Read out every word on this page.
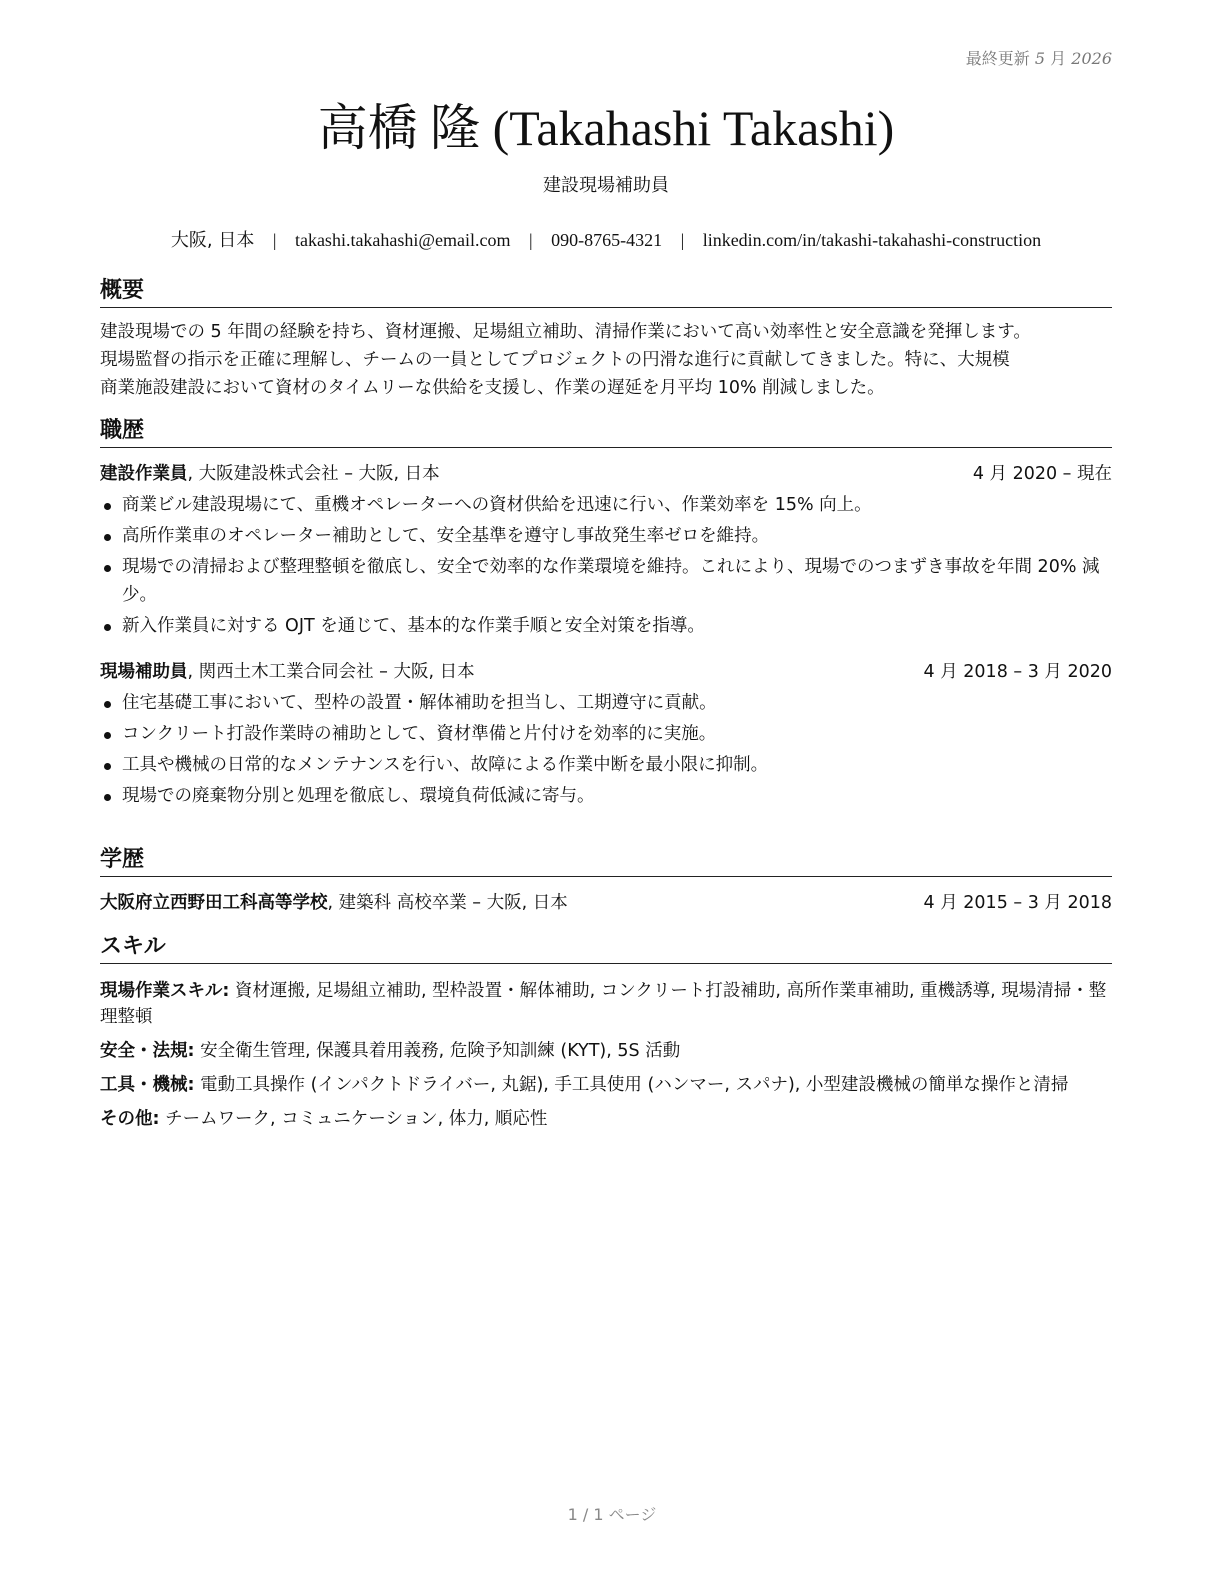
最終更新 5 月 2026
高橋 隆 (Takahashi Takashi)
建設現場補助員
大阪, 日本 | takashi.takahashi@email.com | 090-8765-4321 | linkedin.com/in/takashi-takahashi-construction
概要
建設現場での 5 年間の経験を持ち、資材運搬、足場組立補助、清掃作業において高い効率性と安全意識を発揮します。
現場監督の指示を正確に理解し、チームの一員としてプロジェクトの円滑な進行に貢献してきました。特に、大規模
商業施設建設において資材のタイムリーな供給を支援し、作業の遅延を月平均 10% 削減しました。
職歴
建設作業員, 大阪建設株式会社 – 大阪, 日本	4 月 2020 – 現在
商業ビル建設現場にて、重機オペレーターへの資材供給を迅速に行い、作業効率を 15% 向上。
高所作業車のオペレーター補助として、安全基準を遵守し事故発生率ゼロを維持。
現場での清掃および整理整頓を徹底し、安全で効率的な作業環境を維持。これにより、現場でのつまずき事故を年間 20% 減少。
新入作業員に対する OJT を通じて、基本的な作業手順と安全対策を指導。
現場補助員, 関西土木工業合同会社 – 大阪, 日本	4 月 2018 – 3 月 2020
住宅基礎工事において、型枠の設置・解体補助を担当し、工期遵守に貢献。
コンクリート打設作業時の補助として、資材準備と片付けを効率的に実施。
工具や機械の日常的なメンテナンスを行い、故障による作業中断を最小限に抑制。
現場での廃棄物分別と処理を徹底し、環境負荷低減に寄与。
学歴
大阪府立西野田工科高等学校, 建築科 高校卒業 – 大阪, 日本	4 月 2015 – 3 月 2018
スキル
現場作業スキル: 資材運搬, 足場組立補助, 型枠設置・解体補助, コンクリート打設補助, 高所作業車補助, 重機誘導, 現場清掃・整理整頓
安全・法規: 安全衛生管理, 保護具着用義務, 危険予知訓練 (KYT), 5S 活動
工具・機械: 電動工具操作 (インパクトドライバー, 丸鋸), 手工具使用 (ハンマー, スパナ), 小型建設機械の簡単な操作と清掃
その他: チームワーク, コミュニケーション, 体力, 順応性
1 / 1 ページ
